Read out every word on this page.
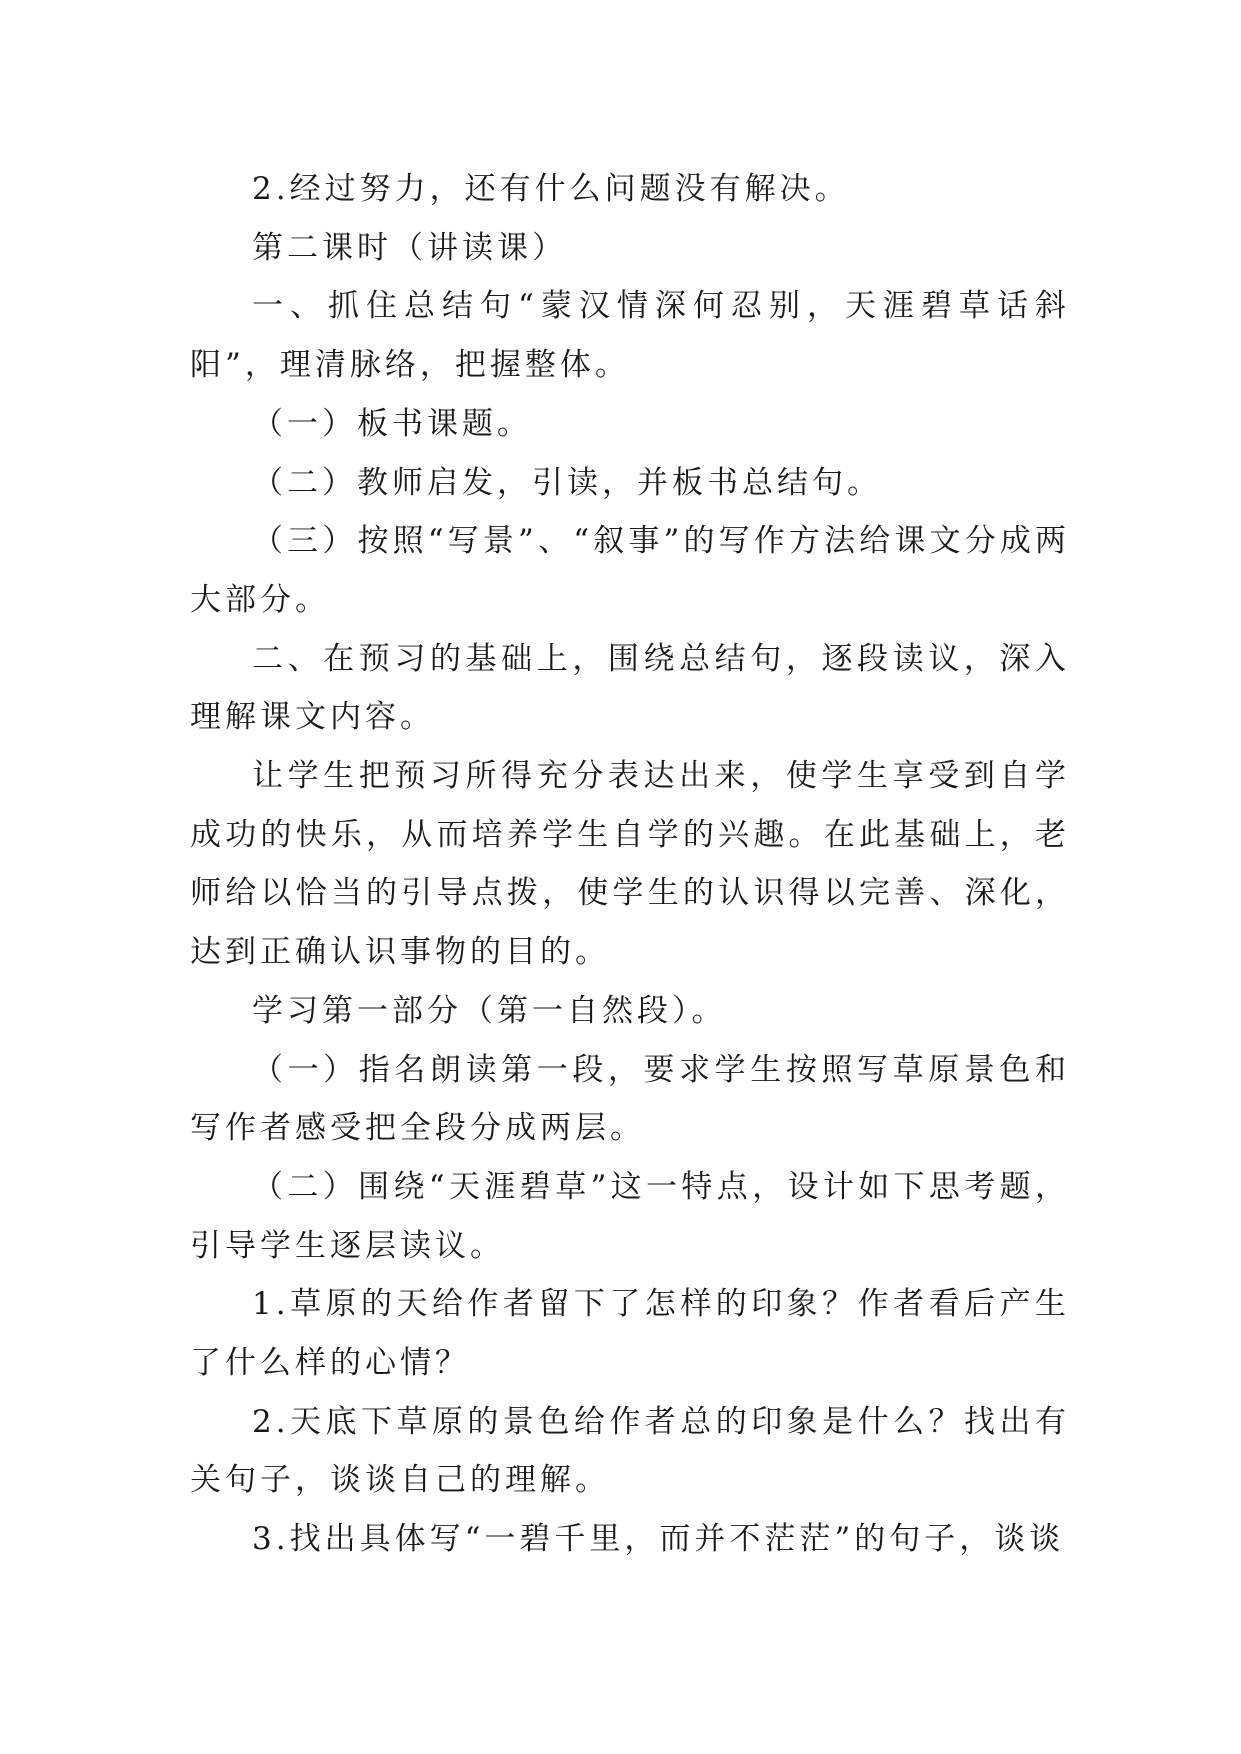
2.经过努力，还有什么问题没有解决。

第二课时（讲读课）

一、抓住总结句“蒙汉情深何忍别，天涯碧草话斜阳”，理清脉络，把握整体。

（一）板书课题。

（二）教师启发，引读，并板书总结句。

（三）按照“写景”、“叙事”的写作方法给课文分成两大部分。

二、在预习的基础上，围绕总结句，逐段读议，深入理解课文内容。

让学生把预习所得充分表达出来，使学生享受到自学成功的快乐，从而培养学生自学的兴趣。在此基础上，老师给以恰当的引导点拨，使学生的认识得以完善、深化，达到正确认识事物的目的。

学习第一部分（第一自然段）。

（一）指名朗读第一段，要求学生按照写草原景色和写作者感受把全段分成两层。

（二）围绕“天涯碧草”这一特点，设计如下思考题，引导学生逐层读议。

1.草原的天给作者留下了怎样的印象？作者看后产生了什么样的心情？

2.天底下草原的景色给作者总的印象是什么？找出有关句子，谈谈自己的理解。

3.找出具体写“一碧千里，而并不茫茫”的句子，谈谈
